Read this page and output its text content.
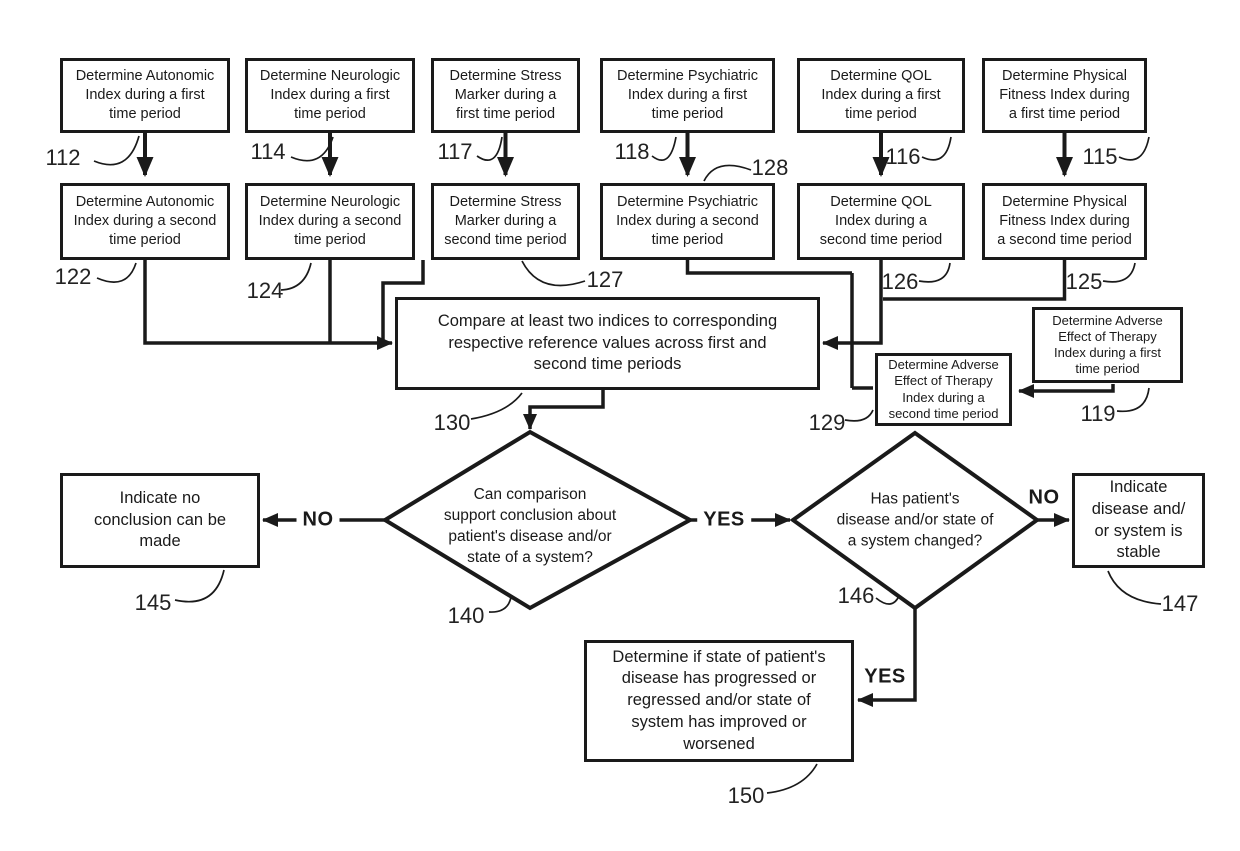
Determine Autonomic
Index during a first
time period
Determine Neurologic
Index during a first
time period
Determine Stress
Marker during a
first time period
Determine Psychiatric
Index during a first
time period
Determine QOL
Index during a first
time period
Determine Physical
Fitness Index during
a first time period
Determine Autonomic
Index during a second
time period
Determine Neurologic
Index during a second
time period
Determine Stress
Marker during a
second time period
Determine Psychiatric
Index during a second
time period
Determine QOL
Index during a
second time period
Determine Physical
Fitness Index during
a second time period
Compare at least two indices to corresponding
respective reference values across first and
second time periods
Determine Adverse
Effect of Therapy
Index during a first
time period
Determine Adverse
Effect of Therapy
Index during a
second time period
Indicate no
conclusion can be
made
Indicate
disease and/
or system is
stable
Determine if state of patient's
disease has progressed or
regressed and/or state of
system has improved or
worsened
Can comparison
support conclusion about
patient's disease and/or
state of a system?
Has patient's
disease and/or state of
a system changed?
112	114	117	118
128	116	115
122
124	127	126	125
130	129	119
145
140
146	147
150
NO	YES
NO
YES
